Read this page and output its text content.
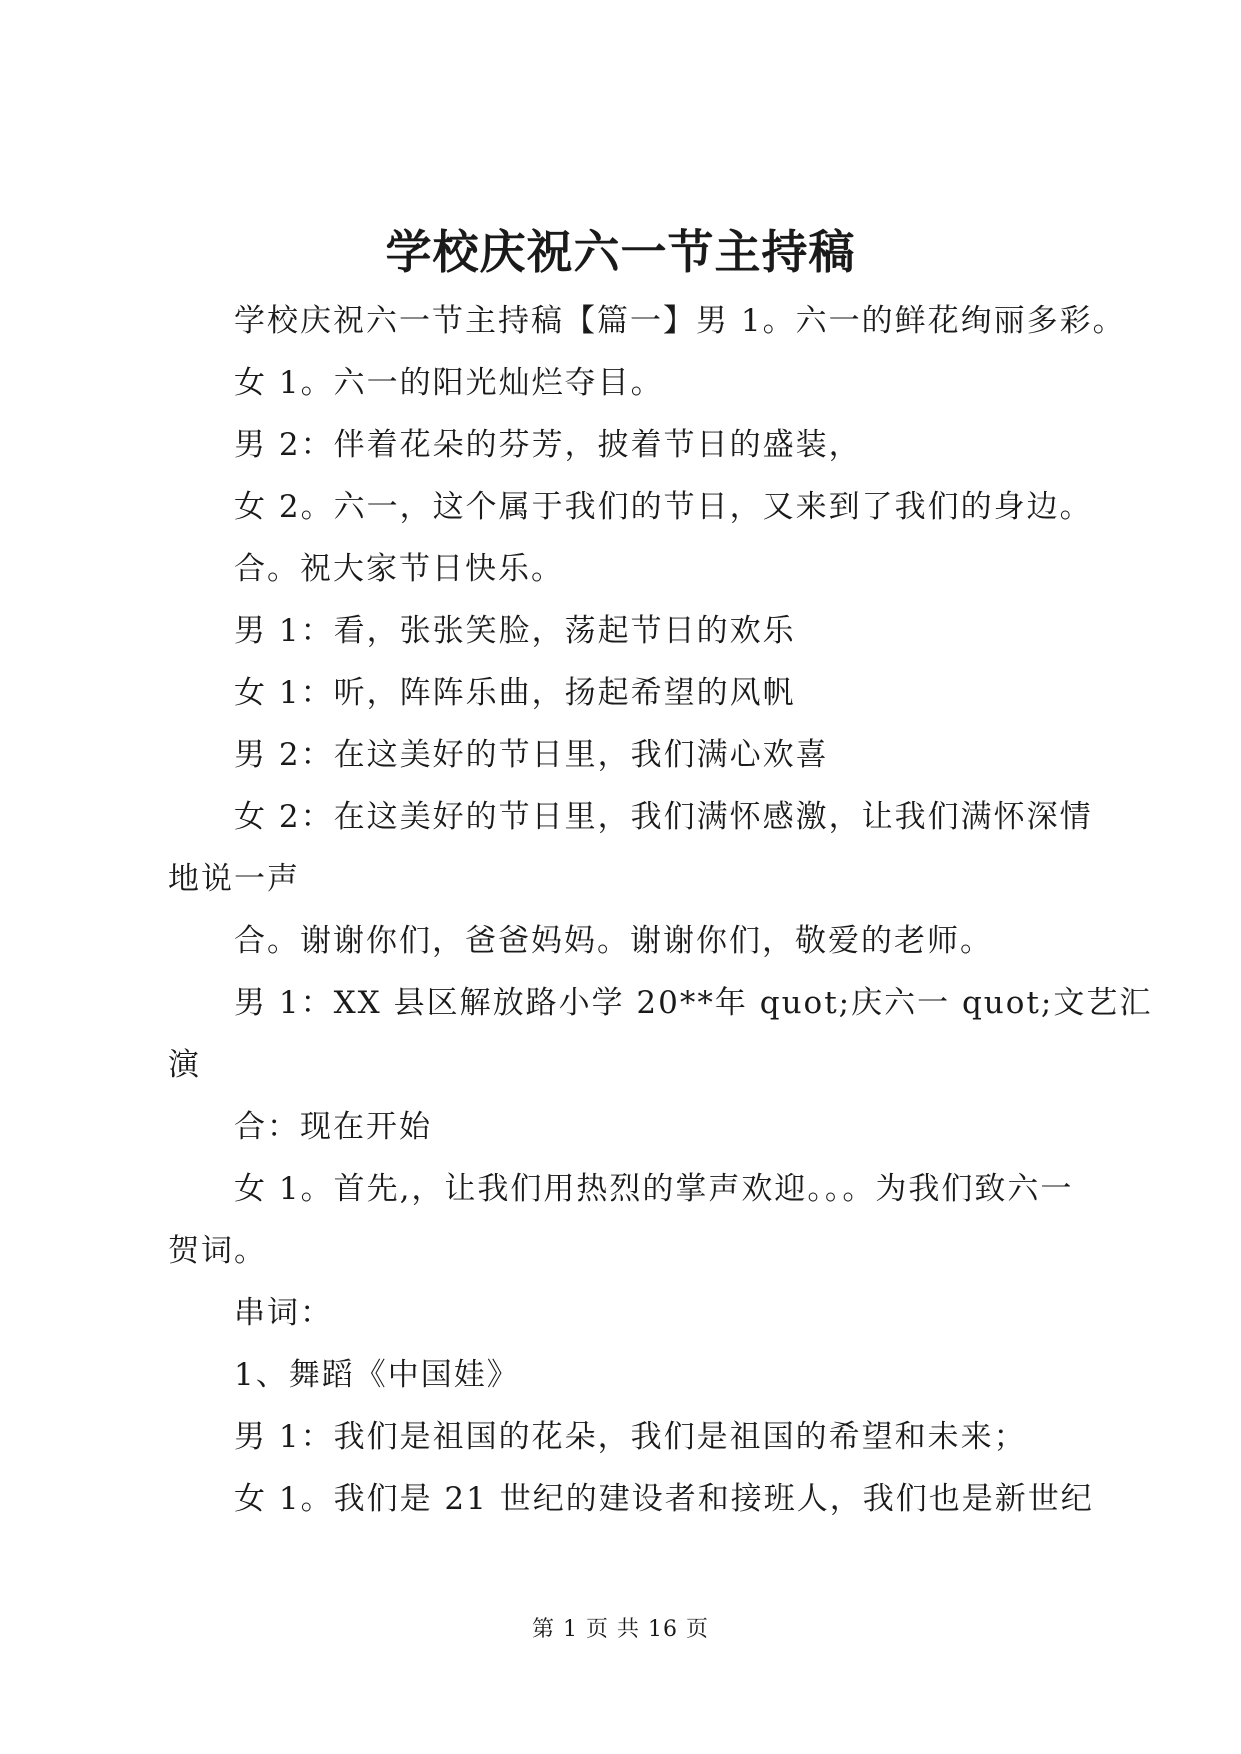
学校庆祝六一节主持稿
学校庆祝六一节主持稿【篇一】男 1。六一的鲜花绚丽多彩。
女 1。六一的阳光灿烂夺目。
男 2：伴着花朵的芬芳，披着节日的盛装，
女 2。六一，这个属于我们的节日，又来到了我们的身边。
合。祝大家节日快乐。
男 1：看，张张笑脸，荡起节日的欢乐
女 1：听，阵阵乐曲，扬起希望的风帆
男 2：在这美好的节日里，我们满心欢喜
女 2：在这美好的节日里，我们满怀感激，让我们满怀深情
地说一声
合。谢谢你们，爸爸妈妈。谢谢你们，敬爱的老师。
男 1：XX 县区解放路小学 20**年 quot;庆六一 quot;文艺汇
演
合：现在开始
女 1。首先,，让我们用热烈的掌声欢迎。。。为我们致六一
贺词。
串词：
1、舞蹈《中国娃》
男 1：我们是祖国的花朵，我们是祖国的希望和未来；
女 1。我们是 21 世纪的建设者和接班人，我们也是新世纪
第 1 页 共 16 页
